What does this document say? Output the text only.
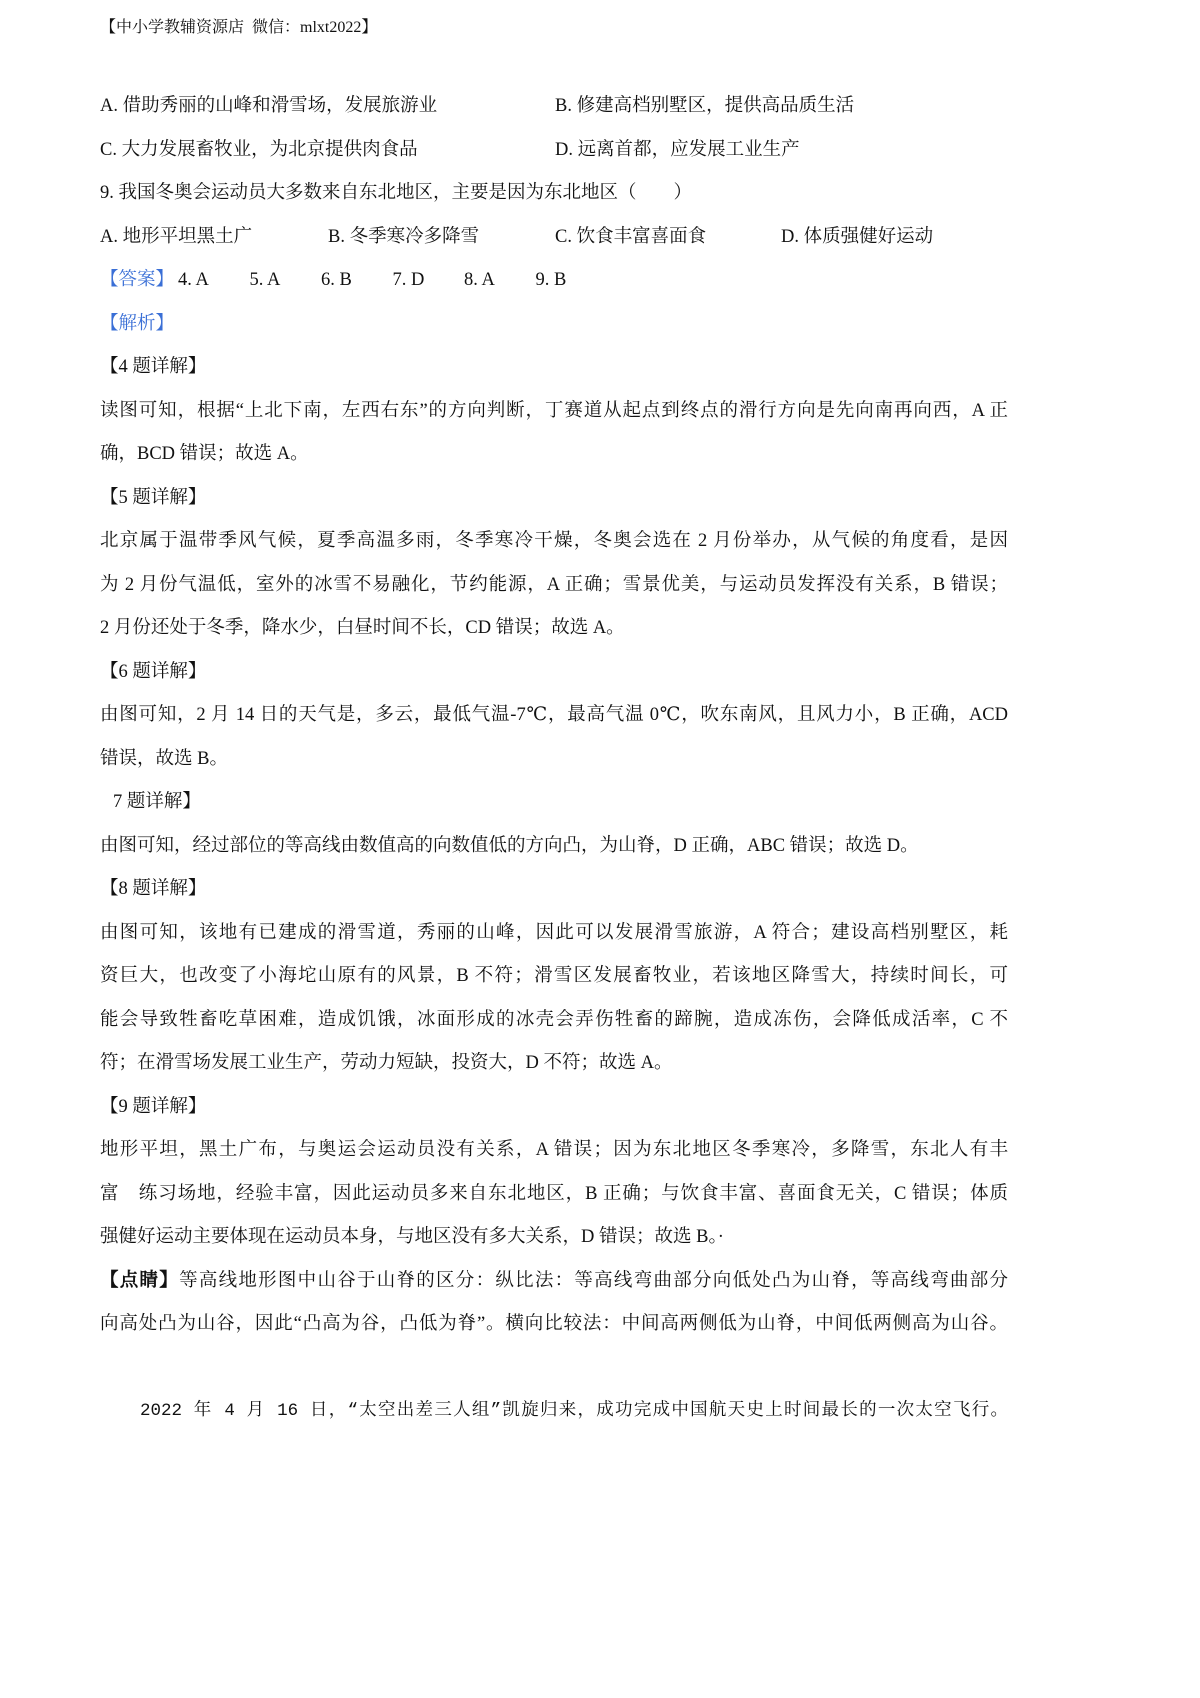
【中小学教辅资源店 微信：mlxt2022】
A. 借助秀丽的山峰和滑雪场，发展旅游业	B. 修建高档别墅区，提供高品质生活
C. 大力发展畜牧业，为北京提供肉食品	D. 远离首都，应发展工业生产
9. 我国冬奥会运动员大多数来自东北地区，主要是因为东北地区（　　）
A. 地形平坦黑土广	B. 冬季寒冷多降雪	C. 饮食丰富喜面食	D. 体质强健好运动
【答案】 4. A	5. A	6. B	7. D	8. A	9. B
【解析】
【4 题详解】
读图可知，根据“上北下南，左西右东”的方向判断，丁赛道从起点到终点的滑行方向是先向南再向西，A 正
确，BCD 错误；故选 A。
【5 题详解】
北京属于温带季风气候，夏季高温多雨，冬季寒冷干燥，冬奥会选在 2 月份举办，从气候的角度看，是因
为 2 月份气温低，室外的冰雪不易融化，节约能源，A 正确；雪景优美，与运动员发挥没有关系，B 错误；
2 月份还处于冬季，降水少，白昼时间不长，CD 错误；故选 A。
【6 题详解】
由图可知，2 月 14 日的天气是，多云，最低气温-7℃，最高气温 0℃，吹东南风，且风力小，B 正确，ACD
错误，故选 B。
7 题详解】
由图可知，经过部位的等高线由数值高的向数值低的方向凸，为山脊，D 正确，ABC 错误；故选 D。
【8 题详解】
由图可知，该地有已建成的滑雪道，秀丽的山峰，因此可以发展滑雪旅游，A 符合；建设高档别墅区，耗
资巨大，也改变了小海坨山原有的风景，B 不符；滑雪区发展畜牧业，若该地区降雪大，持续时间长，可
能会导致牲畜吃草困难，造成饥饿，冰面形成的冰壳会弄伤牲畜的蹄腕，造成冻伤，会降低成活率，C 不
符；在滑雪场发展工业生产，劳动力短缺，投资大，D 不符；故选 A。
【9 题详解】
地形平坦，黑土广布，与奥运会运动员没有关系，A 错误；因为东北地区冬季寒冷，多降雪，东北人有丰
富　练习场地，经验丰富，因此运动员多来自东北地区，B 正确；与饮食丰富、喜面食无关，C 错误；体质
强健好运动主要体现在运动员本身，与地区没有多大关系，D 错误；故选 B。·
【点睛】等高线地形图中山谷于山脊的区分：纵比法：等高线弯曲部分向低处凸为山脊，等高线弯曲部分
向高处凸为山谷，因此“凸高为谷，凸低为脊”。横向比较法：中间高两侧低为山脊，中间低两侧高为山谷。
2022 年 4 月 16 日，“太空出差三人组”凯旋归来，成功完成中国航天史上时间最长的一次太空飞行。
